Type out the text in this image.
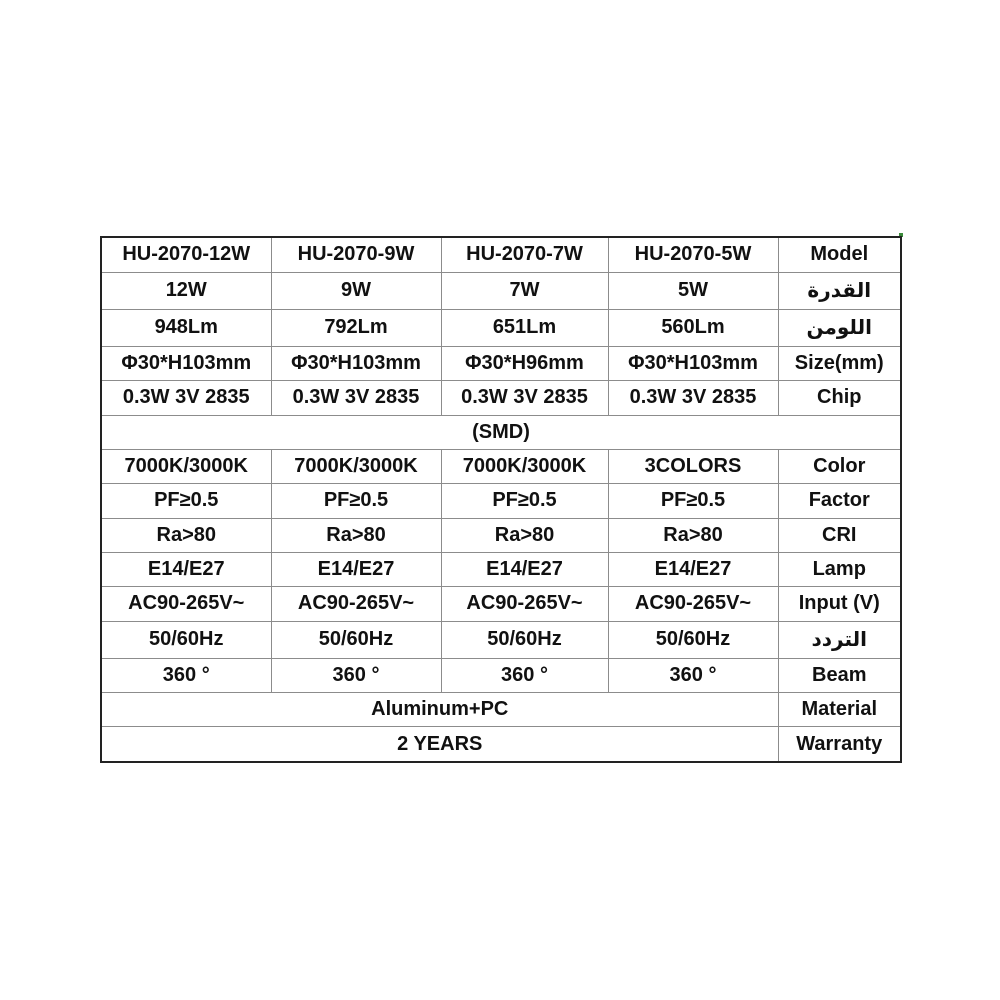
HU-2070-12W	HU-2070-9W	HU-2070-7W	HU-2070-5W	Model
12W	9W	7W	5W	القدرة
948Lm	792Lm	651Lm	560Lm	اللومن
Φ30*H103mm	Φ30*H103mm	Φ30*H96mm	Φ30*H103mm	Size(mm)
0.3W 3V 2835	0.3W 3V 2835	0.3W 3V 2835	0.3W 3V 2835	Chip
(SMD)				
7000K/3000K	7000K/3000K	7000K/3000K	3COLORS	Color
PF≥0.5	PF≥0.5	PF≥0.5	PF≥0.5	Factor
Ra>80	Ra>80	Ra>80	Ra>80	CRI
E14/E27	E14/E27	E14/E27	E14/E27	Lamp
AC90-265V~	AC90-265V~	AC90-265V~	AC90-265V~	Input (V)
50/60Hz	50/60Hz	50/60Hz	50/60Hz	التردد
360 °	360 °	360 °	360 °	Beam
Aluminum+PC				Material
2 YEARS				Warranty
